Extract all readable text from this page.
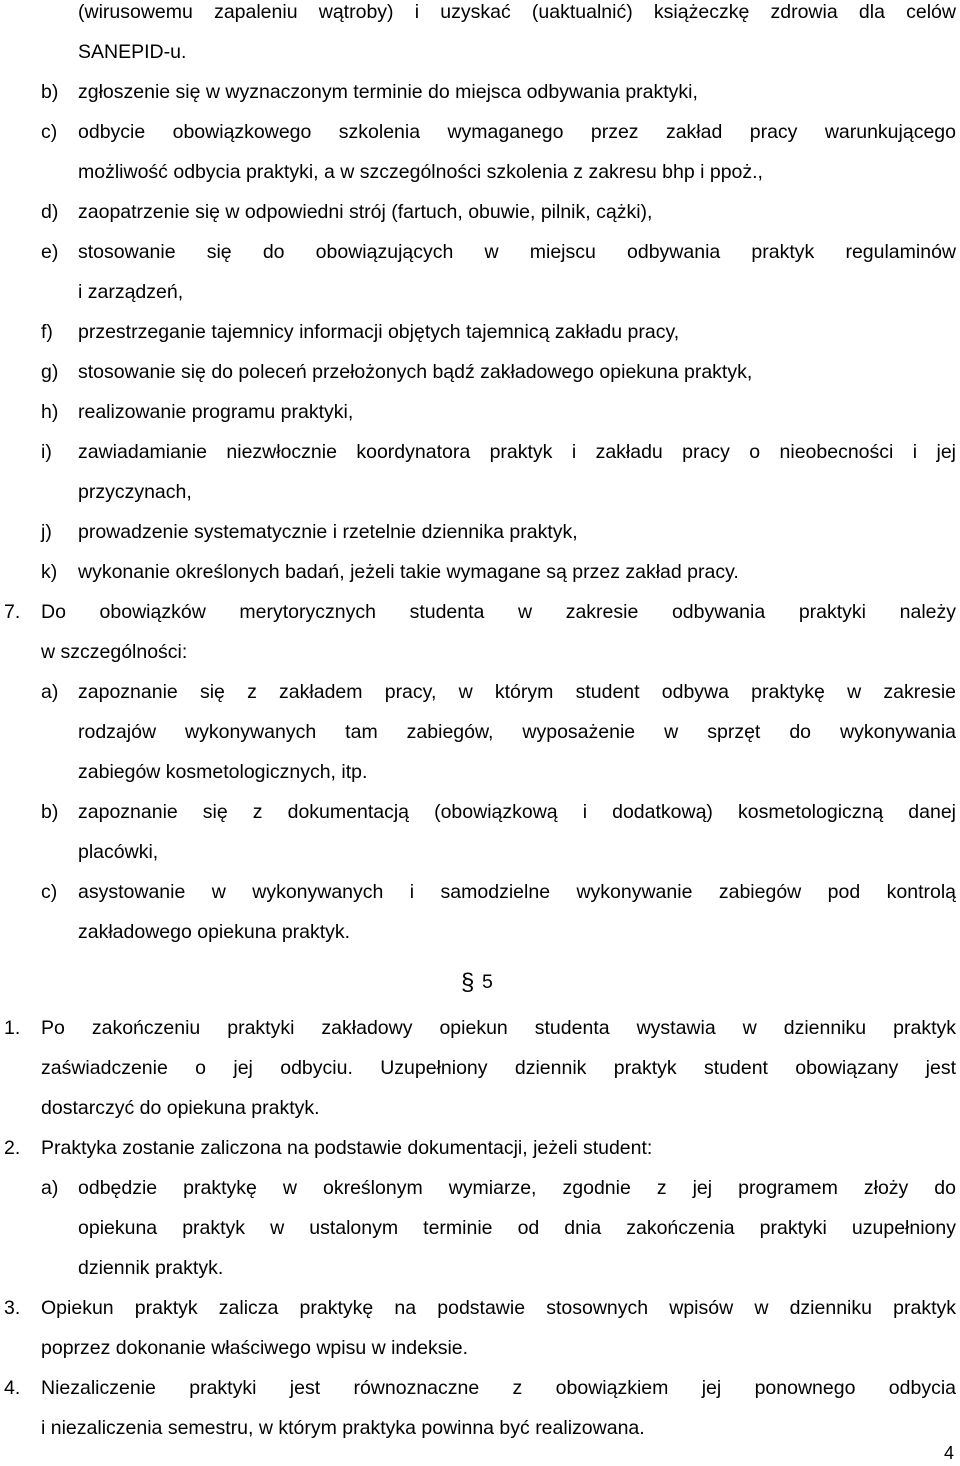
(wirusowemu zapaleniu wątroby) i uzyskać (uaktualnić) książeczkę zdrowia dla celów
SANEPID-u.
b) zgłoszenie się w wyznaczonym terminie do miejsca odbywania praktyki,
c) odbycie obowiązkowego szkolenia wymaganego przez zakład pracy warunkującego
możliwość odbycia praktyki, a w szczególności szkolenia z zakresu bhp i ppoż.,
d) zaopatrzenie się w odpowiedni strój (fartuch, obuwie, pilnik, cążki),
e) stosowanie się do obowiązujących w miejscu odbywania praktyk regulaminów
i zarządzeń,
f) przestrzeganie tajemnicy informacji objętych tajemnicą zakładu pracy,
g) stosowanie się do poleceń przełożonych bądź zakładowego opiekuna praktyk,
h) realizowanie programu praktyki,
i) zawiadamianie niezwłocznie koordynatora praktyk i zakładu pracy o nieobecności i jej
przyczynach,
j) prowadzenie systematycznie i rzetelnie dziennika praktyk,
k) wykonanie określonych badań, jeżeli takie wymagane są przez zakład pracy.
7. Do obowiązków merytorycznych studenta w zakresie odbywania praktyki należy
w szczególności:
a) zapoznanie się z zakładem pracy, w którym student odbywa praktykę w zakresie
rodzajów wykonywanych tam zabiegów, wyposażenie w sprzęt do wykonywania
zabiegów kosmetologicznych, itp.
b) zapoznanie się z dokumentacją (obowiązkową i dodatkową) kosmetologiczną danej
placówki,
c) asystowanie w wykonywanych i samodzielne wykonywanie zabiegów pod kontrolą
zakładowego opiekuna praktyk.
§ 5
1. Po zakończeniu praktyki zakładowy opiekun studenta wystawia w dzienniku praktyk
zaświadczenie o jej odbyciu. Uzupełniony dziennik praktyk student obowiązany jest
dostarczyć do opiekuna praktyk.
2. Praktyka zostanie zaliczona na podstawie dokumentacji, jeżeli student:
a) odbędzie praktykę w określonym wymiarze, zgodnie z jej programem złoży do
opiekuna praktyk w ustalonym terminie od dnia zakończenia praktyki uzupełniony
dziennik praktyk.
3. Opiekun praktyk zalicza praktykę na podstawie stosownych wpisów w dzienniku praktyk
poprzez dokonanie właściwego wpisu w indeksie.
4. Niezaliczenie praktyki jest równoznaczne z obowiązkiem jej ponownego odbycia
i niezaliczenia semestru, w którym praktyka powinna być realizowana.
4
